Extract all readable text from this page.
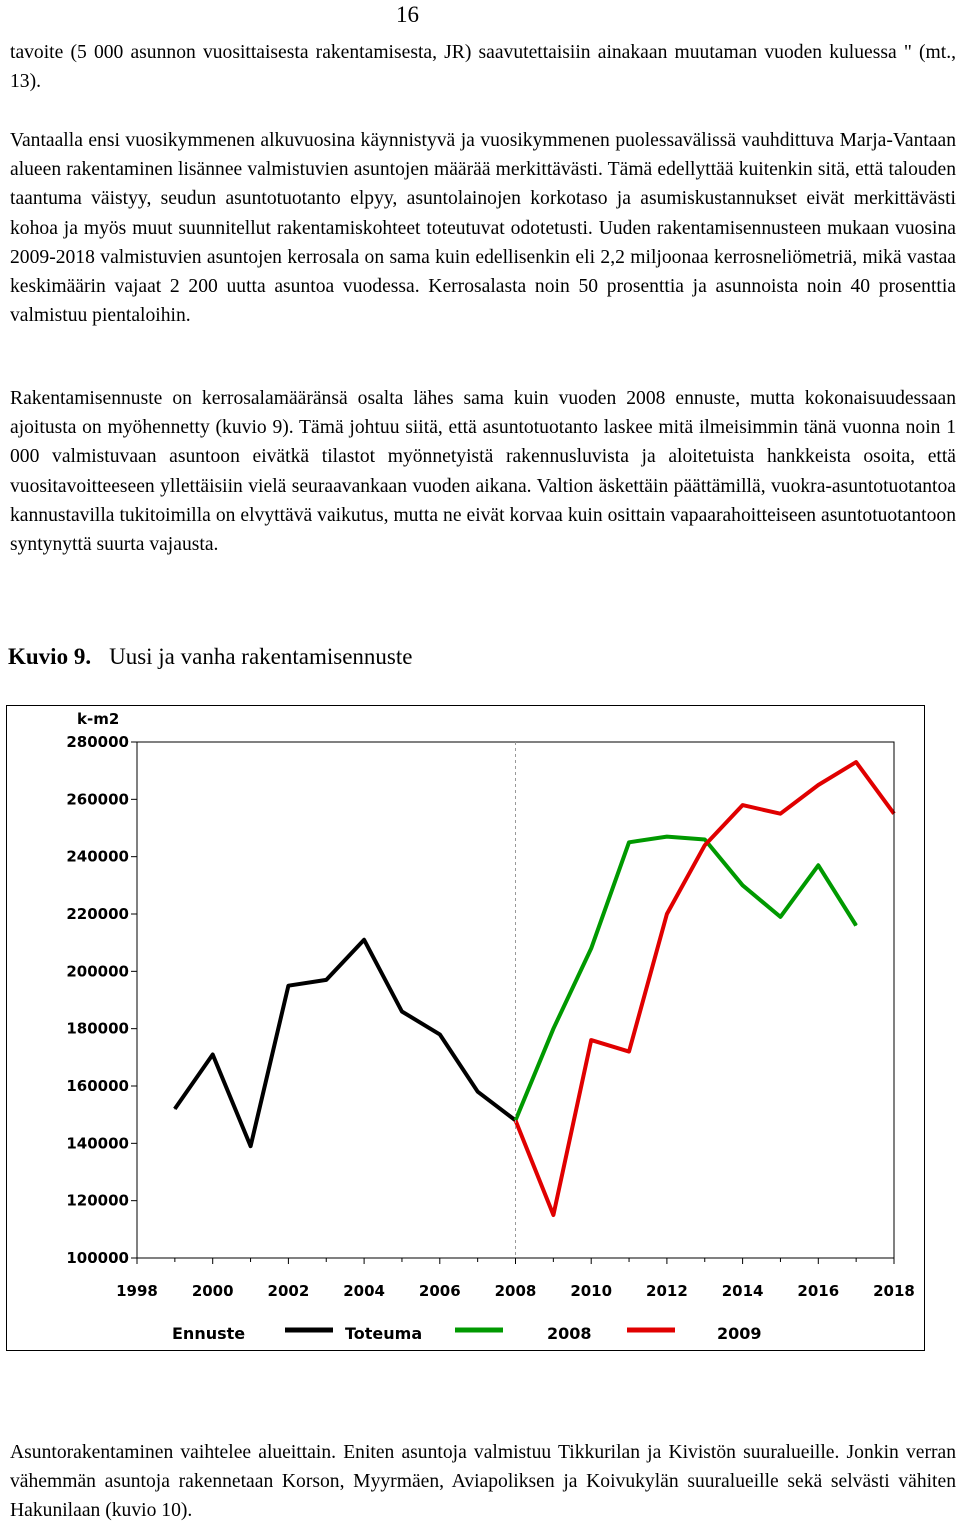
16

tavoite (5 000 asunnon vuosittaisesta rakentamisesta, JR) saavutettaisiin ainakaan muutaman vuoden kuluessa " (mt., 13).

Vantaalla ensi vuosikymmenen alkuvuosina käynnistyvä ja vuosikymmenen puolessavälissä vauhdittuva Marja-Vantaan alueen rakentaminen lisännee valmistuvien asuntojen määrää merkittävästi. Tämä edellyttää kuitenkin sitä, että talouden taantuma väistyy, seudun asuntotuotanto elpyy, asuntolainojen korkotaso ja asumiskustannukset eivät merkittävästi kohoa ja myös muut suunnitellut rakentamiskohteet toteutuvat odotetusti. Uuden rakentamisennusteen mukaan vuosina 2009-2018 valmistuvien asuntojen kerrosala on sama kuin edellisenkin eli 2,2 miljoonaa kerrosneliömetriä, mikä vastaa keskimäärin vajaat 2 200 uutta asuntoa vuodessa. Kerrosalasta noin 50 prosenttia ja asunnoista noin 40 prosenttia valmistuu pientaloihin.

Rakentamisennuste on kerrosalamääränsä osalta lähes sama kuin vuoden 2008 ennuste, mutta kokonaisuudessaan ajoitusta on myöhennetty (kuvio 9). Tämä johtuu siitä, että asuntotuotanto laskee mitä ilmeisimmin tänä vuonna noin 1 000 valmistuvaan asuntoon eivätkä tilastot myönnetyistä rakennusluvista ja aloitetuista hankkeista osoita, että vuositavoitteeseen yllettäisiin vielä seuraavankaan vuoden aikana. Valtion äskettäin päättämillä, vuokra-asuntotuotantoa kannustavilla tukitoimilla on elvyttävä vaikutus, mutta ne eivät korvaa kuin osittain vapaarahoitteiseen asuntotuotantoon syntynyttä suurta vajausta.

Kuvio 9. Uusi ja vanha rakentamisennuste
k-m2
100000
120000
140000
160000
180000
200000
220000
240000
260000
280000
1998 2000 2002 2004 2006 2008 2010 2012 2014 2016 2018
Ennuste	Toteuma	2008	2009

Asuntorakentaminen vaihtelee alueittain. Eniten asuntoja valmistuu Tikkurilan ja Kivistön suuralueille. Jonkin verran vähemmän asuntoja rakennetaan Korson, Myyrmäen, Aviapoliksen ja Koivukylän suuralueille sekä selvästi vähiten Hakunilaan (kuvio 10).
